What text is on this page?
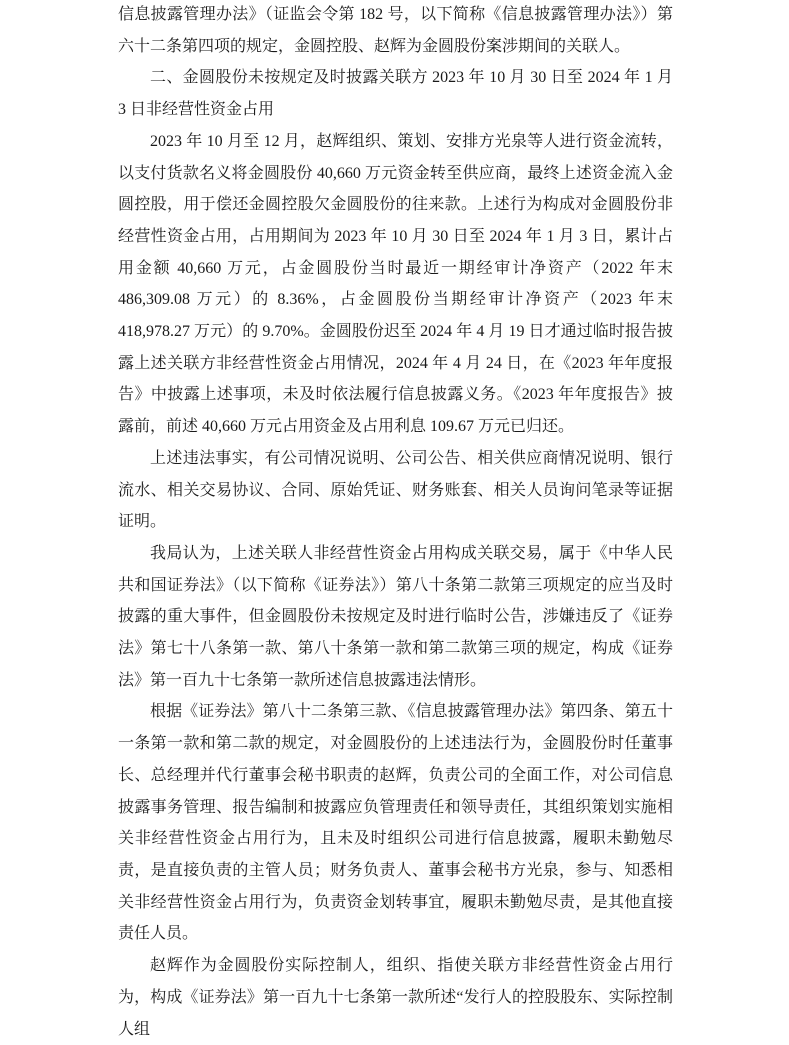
信息披露管理办法》（证监会令第 182 号，以下简称《信息披露管理办法》）第六十二条第四项的规定，金圆控股、赵辉为金圆股份案涉期间的关联人。

二、金圆股份未按规定及时披露关联方 2023 年 10 月 30 日至 2024 年 1 月 3 日非经营性资金占用

2023 年 10 月至 12 月，赵辉组织、策划、安排方光泉等人进行资金流转，以支付货款名义将金圆股份 40,660 万元资金转至供应商，最终上述资金流入金圆控股，用于偿还金圆控股欠金圆股份的往来款。上述行为构成对金圆股份非经营性资金占用，占用期间为 2023 年 10 月 30 日至 2024 年 1 月 3 日，累计占用金额 40,660 万元，占金圆股份当时最近一期经审计净资产（2022 年末 486,309.08 万元）的 8.36%，占金圆股份当期经审计净资产（2023 年末 418,978.27 万元）的 9.70%。金圆股份迟至 2024 年 4 月 19 日才通过临时报告披露上述关联方非经营性资金占用情况，2024 年 4 月 24 日，在《2023 年年度报告》中披露上述事项，未及时依法履行信息披露义务。《2023 年年度报告》披露前，前述 40,660 万元占用资金及占用利息 109.67 万元已归还。

上述违法事实，有公司情况说明、公司公告、相关供应商情况说明、银行流水、相关交易协议、合同、原始凭证、财务账套、相关人员询问笔录等证据证明。

我局认为，上述关联人非经营性资金占用构成关联交易，属于《中华人民共和国证券法》（以下简称《证券法》）第八十条第二款第三项规定的应当及时披露的重大事件，但金圆股份未按规定及时进行临时公告，涉嫌违反了《证券法》第七十八条第一款、第八十条第一款和第二款第三项的规定，构成《证券法》第一百九十七条第一款所述信息披露违法情形。

根据《证券法》第八十二条第三款、《信息披露管理办法》第四条、第五十一条第一款和第二款的规定，对金圆股份的上述违法行为，金圆股份时任董事长、总经理并代行董事会秘书职责的赵辉，负责公司的全面工作，对公司信息披露事务管理、报告编制和披露应负管理责任和领导责任，其组织策划实施相关非经营性资金占用行为，且未及时组织公司进行信息披露，履职未勤勉尽责，是直接负责的主管人员；财务负责人、董事会秘书方光泉，参与、知悉相关非经营性资金占用行为，负责资金划转事宜，履职未勤勉尽责，是其他直接责任人员。

赵辉作为金圆股份实际控制人，组织、指使关联方非经营性资金占用行为，构成《证券法》第一百九十七条第一款所述“发行人的控股股东、实际控制人组
